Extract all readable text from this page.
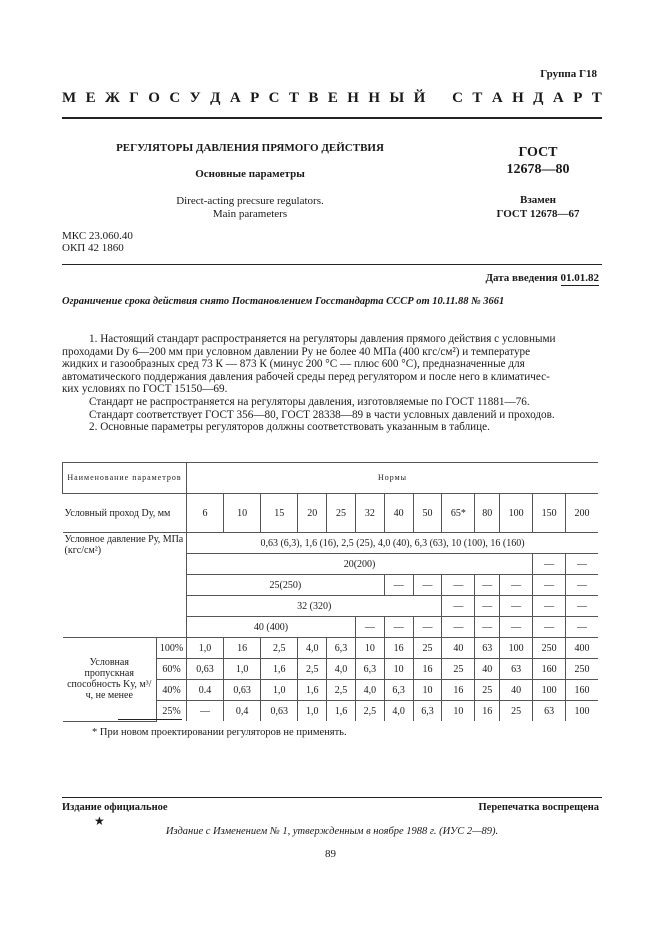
Группа Г18
М Е Ж Г О С У Д А Р С Т В Е Н Н Ы Й С Т А Н Д А Р Т
РЕГУЛЯТОРЫ ДАВЛЕНИЯ ПРЯМОГО ДЕЙСТВИЯ
Основные параметры
Direct-acting precsure regulators.
Main parameters
ГОСТ
12678—80
Взамен
ГОСТ 12678—67
МКС 23.060.40
ОКП 42 1860
Дата введения 01.01.82
Ограничение срока действия снято Постановлением Госстандарта СССР от 10.11.88 № 3661

1. Настоящий стандарт распространяется на регуляторы давления прямого действия с условными

проходами Dу 6—200 мм при условном давлении Pу не более 40 МПа (400 кгс/см²) и температуре

жидких и газообразных сред 73 К — 873 К (минус 200 °С — плюс 600 °С), предназначенные для

автоматического поддержания давления рабочей среды перед регулятором и после него в климатичес-

ких условиях по ГОСТ 15150—69.

Стандарт не распространяется на регуляторы давления, изготовляемые по ГОСТ 11881—76.

Стандарт соответствует ГОСТ 356—80, ГОСТ 28338—89 в части условных давлений и проходов.

2. Основные параметры регуляторов должны соответствовать указанным в таблице.

Наименование параметров		Нормы												
Условный проход Dу, мм		6	10	15	20	25	32	40	50	65*	80	100	150	200
Условное давление Pу, МПа (кгс/см²)		0,63 (6,3), 1,6 (16), 2,5 (25), 4,0 (40), 6,3 (63), 10 (100), 16 (160)												
		20(200)											—	—
		25(250)						—	—	—	—	—	—	—
		32 (320)								—	—	—	—	—
		40 (400)					—	—	—	—	—	—	—	—
Условная пропускная способность Kу, м³/ч, не менее	100%	1,0	16	2,5	4,0	6,3	10	16	25	40	63	100	250	400
	60%	0,63	1,0	1,6	2,5	4,0	6,3	10	16	25	40	63	160	250
	40%	0.4	0,63	1,0	1,6	2,5	4,0	6,3	10	16	25	40	100	160
	25%	—	0,4	0,63	1,0	1,6	2,5	4,0	6,3	10	16	25	63	100
* При новом проектировании регуляторов не применять.
Издание официальное
★
Перепечатка воспрещена
Издание с Изменением № 1, утвержденным в ноябре 1988 г. (ИУС 2—89).
89
